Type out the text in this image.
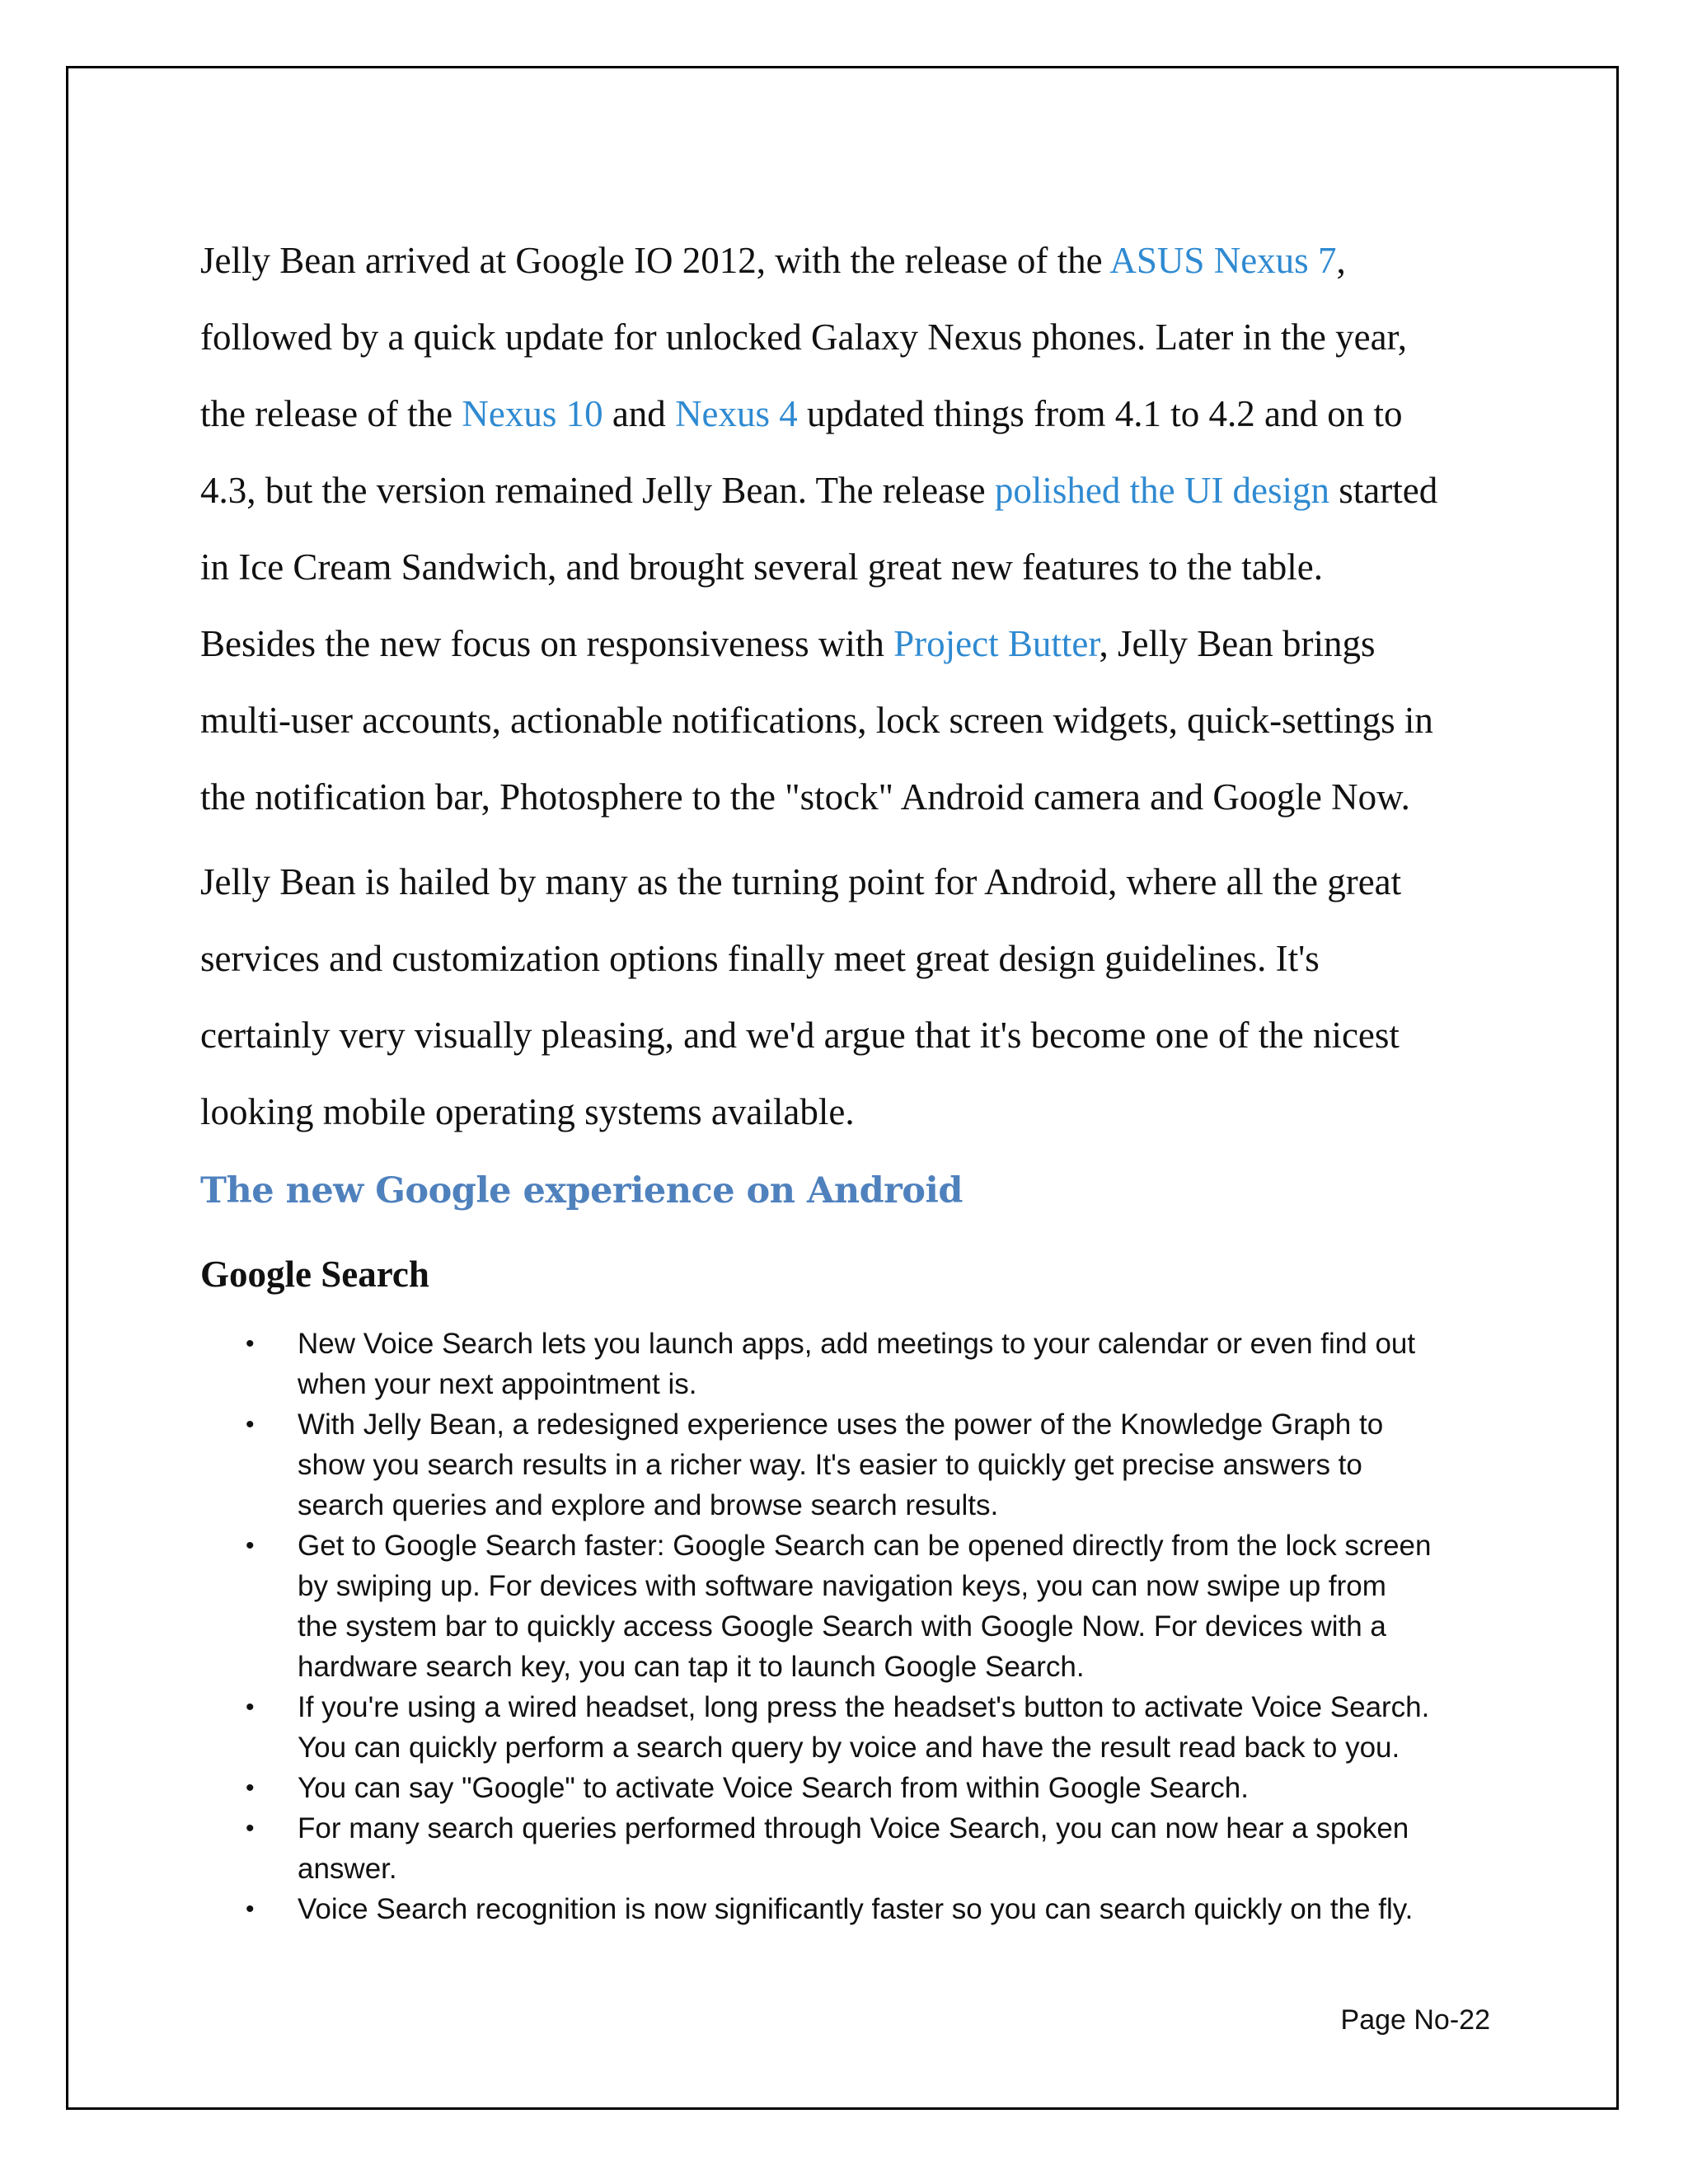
Jelly Bean arrived at Google IO 2012, with the release of the ASUS Nexus 7,
followed by a quick update for unlocked Galaxy Nexus phones. Later in the year,
the release of the Nexus 10 and Nexus 4 updated things from 4.1 to 4.2 and on to
4.3, but the version remained Jelly Bean. The release polished the UI design started
in Ice Cream Sandwich, and brought several great new features to the table.
Besides the new focus on responsiveness with Project Butter, Jelly Bean brings
multi-user accounts, actionable notifications, lock screen widgets, quick-settings in
the notification bar, Photosphere to the "stock" Android camera and Google Now.

Jelly Bean is hailed by many as the turning point for Android, where all the great
services and customization options finally meet great design guidelines. It's
certainly very visually pleasing, and we'd argue that it's become one of the nicest
looking mobile operating systems available.

The new Google experience on Android
Google Search
• New Voice Search lets you launch apps, add meetings to your calendar or even find out
when your next appointment is.
• With Jelly Bean, a redesigned experience uses the power of the Knowledge Graph to
show you search results in a richer way. It's easier to quickly get precise answers to
search queries and explore and browse search results.
• Get to Google Search faster: Google Search can be opened directly from the lock screen
by swiping up. For devices with software navigation keys, you can now swipe up from
the system bar to quickly access Google Search with Google Now. For devices with a
hardware search key, you can tap it to launch Google Search.
• If you're using a wired headset, long press the headset's button to activate Voice Search.
You can quickly perform a search query by voice and have the result read back to you.
• You can say "Google" to activate Voice Search from within Google Search.
• For many search queries performed through Voice Search, you can now hear a spoken
answer.
• Voice Search recognition is now significantly faster so you can search quickly on the fly.
Page No-22
